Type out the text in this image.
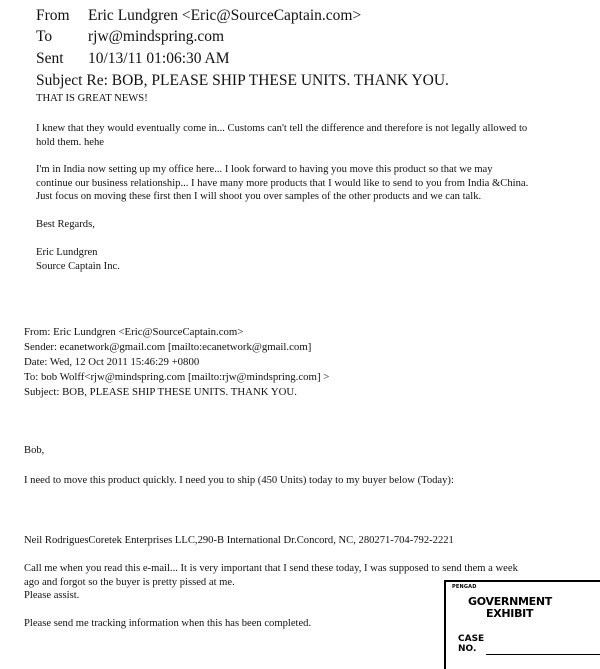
From Eric Lundgren <Eric@SourceCaptain.com>
To rjw@mindspring.com
Sent 10/13/11 01:06:30 AM
Subject Re: BOB, PLEASE SHIP THESE UNITS. THANK YOU.
THAT IS GREAT NEWS!
I knew that they would eventually come in... Customs can't tell the difference and therefore is not legally allowed to
hold them. hehe
I'm in India now setting up my office here... I look forward to having you move this product so that we may
continue our business relationship... I have many more products that I would like to send to you from India &China.
Just focus on moving these first then I will shoot you over samples of the other products and we can talk.
Best Regards,
Eric Lundgren
Source Captain Inc.
From: Eric Lundgren <Eric@SourceCaptain.com>
Sender: ecanetwork@gmail.com [mailto:ecanetwork@gmail.com]
Date: Wed, 12 Oct 2011 15:46:29 +0800
To: bob Wolff<rjw@mindspring.com [mailto:rjw@mindspring.com] >
Subject: BOB, PLEASE SHIP THESE UNITS. THANK YOU.
Bob,
I need to move this product quickly. I need you to ship (450 Units) today to my buyer below (Today):
Neil RodriguesCoretek Enterprises LLC,290-B International Dr.Concord, NC, 280271-704-792-2221
Call me when you read this e-mail... It is very important that I send these today, I was supposed to send them a week
ago and forgot so the buyer is pretty pissed at me.
Please assist.
Please send me tracking information when this has been completed.
PENGAD
GOVERNMENT
EXHIBIT
CASE
NO.
